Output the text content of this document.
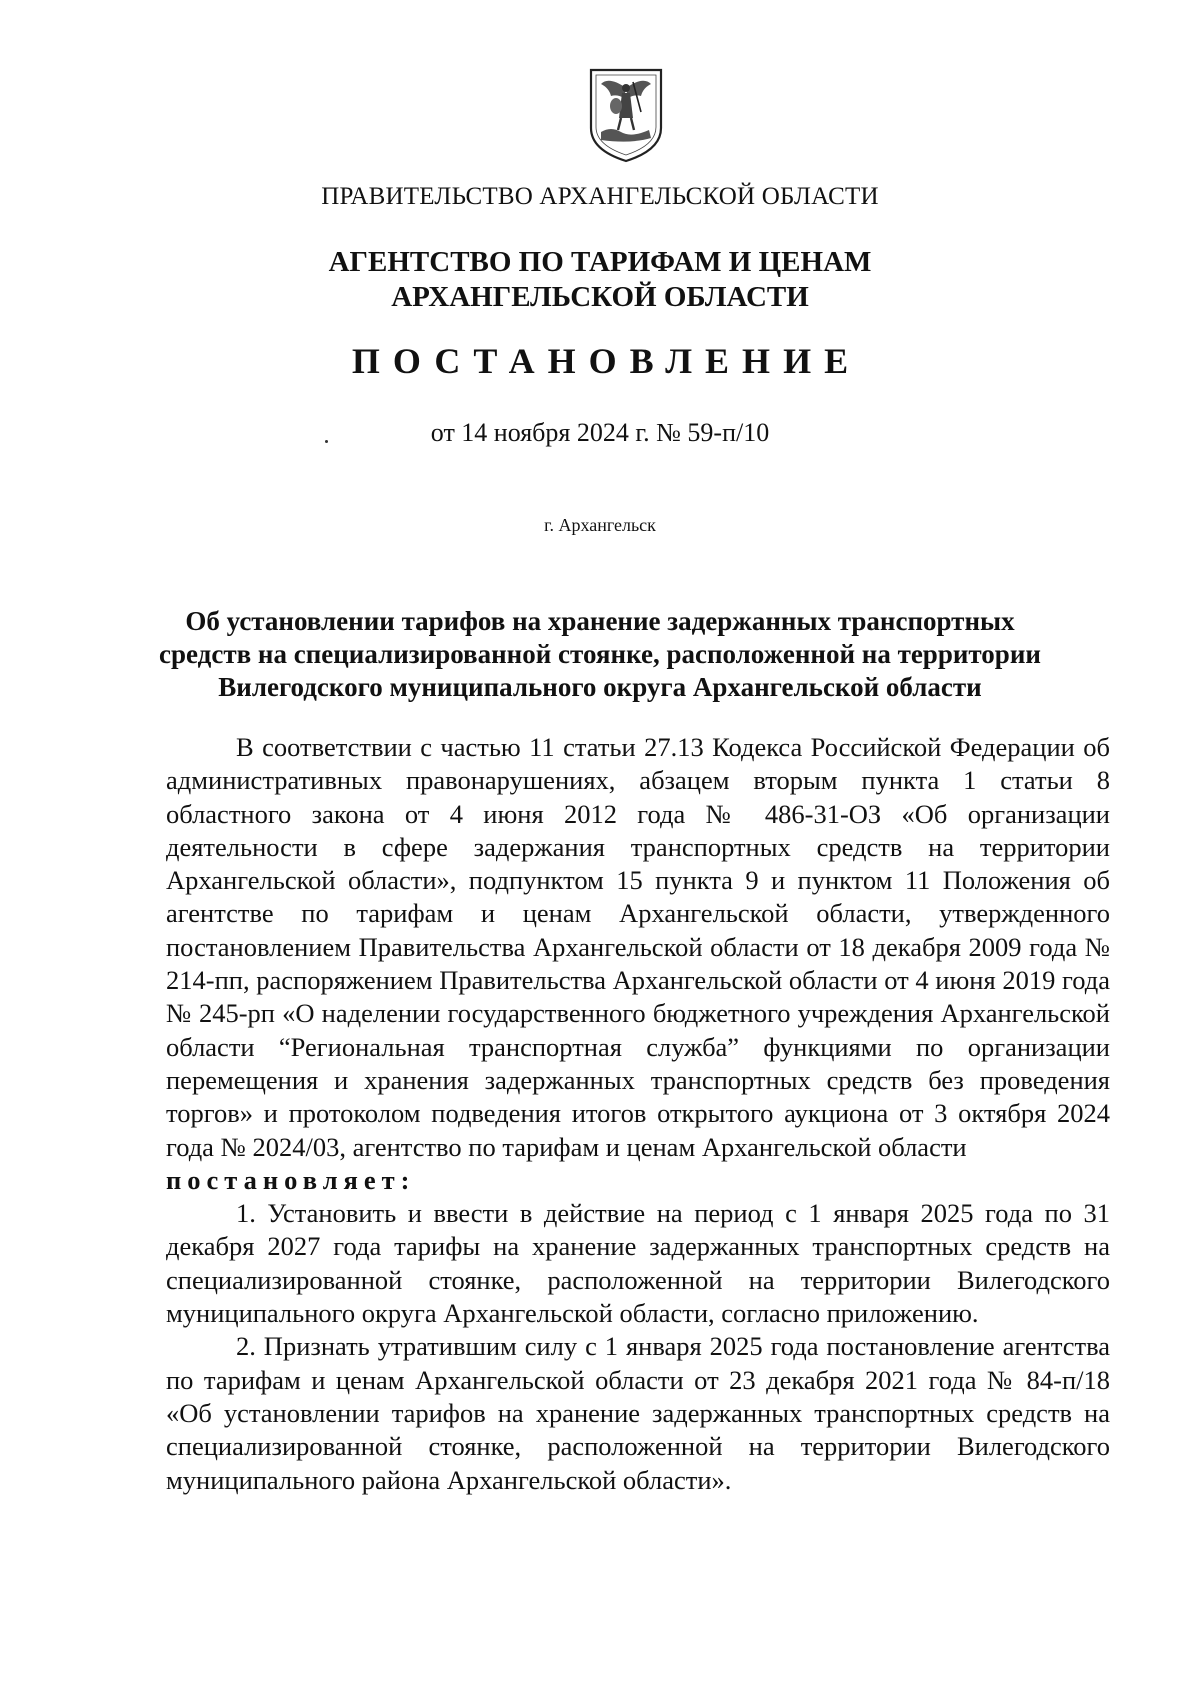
ПРАВИТЕЛЬСТВО АРХАНГЕЛЬСКОЙ ОБЛАСТИ
АГЕНТСТВО ПО ТАРИФАМ И ЦЕНАМ
АРХАНГЕЛЬСКОЙ ОБЛАСТИ
ПОСТАНОВЛЕНИЕ
от 14 ноября 2024 г. № 59-п/10
г. Архангельск
Об установлении тарифов на хранение задержанных транспортных
средств на специализированной стоянке, расположенной на территории
Вилегодского муниципального округа Архангельской области

В соответствии с частью 11 статьи 27.13 Кодекса Российской Федерации об административных правонарушениях, абзацем вторым пункта 1 статьи 8 областного закона от 4 июня 2012 года № 486-31-ОЗ «Об организации деятельности в сфере задержания транспортных средств на территории Архангельской области», подпунктом 15 пункта 9 и пунктом 11 Положения об агентстве по тарифам и ценам Архангельской области, утвержденного постановлением Правительства Архангельской области от 18 декабря 2009 года № 214-пп, распоряжением Правительства Архангельской области от 4 июня 2019 года № 245-рп «О наделении государственного бюджетного учреждения Архангельской области “Региональная транспортная служба” функциями по организации перемещения и хранения задержанных транспортных средств без проведения торгов» и протоколом подведения итогов открытого аукциона от 3 октября 2024 года № 2024/03, агентство по тарифам и ценам Архангельской области

постановляет:

1. Установить и ввести в действие на период с 1 января 2025 года по 31 декабря 2027 года тарифы на хранение задержанных транспортных средств на специализированной стоянке, расположенной на территории Вилегодского муниципального округа Архангельской области, согласно приложению.

2. Признать утратившим силу с 1 января 2025 года постановление агентства по тарифам и ценам Архангельской области от 23 декабря 2021 года № 84-п/18 «Об установлении тарифов на хранение задержанных транспортных средств на специализированной стоянке, расположенной на территории Вилегодского муниципального района Архангельской области».
